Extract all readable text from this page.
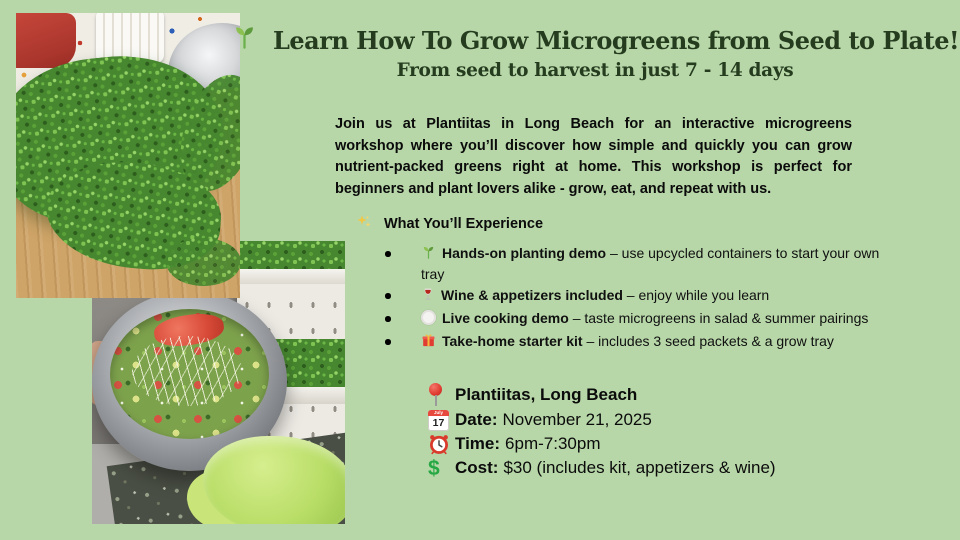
Learn How To Grow Microgreens from Seed to Plate!
From seed to harvest in just 7 - 14 days

Join us at Plantiitas in Long Beach for an interactive microgreens workshop where you’ll discover how simple and quickly you can grow nutrient-packed greens right at home. This workshop is perfect for beginners and plant lovers alike - grow, eat, and repeat with us.

What You’ll Experience
Hands-on planting demo – use upcycled containers to start your own tray
Wine & appetizers included – enjoy while you learn
Live cooking demo – taste microgreens in salad & summer pairings
Take-home starter kit – includes 3 seed packets & a grow tray
Plantiitas, Long Beach
July
17 Date: November 21, 2025
Time: 6pm-7:30pm
$ Cost: $30 (includes kit, appetizers & wine)
